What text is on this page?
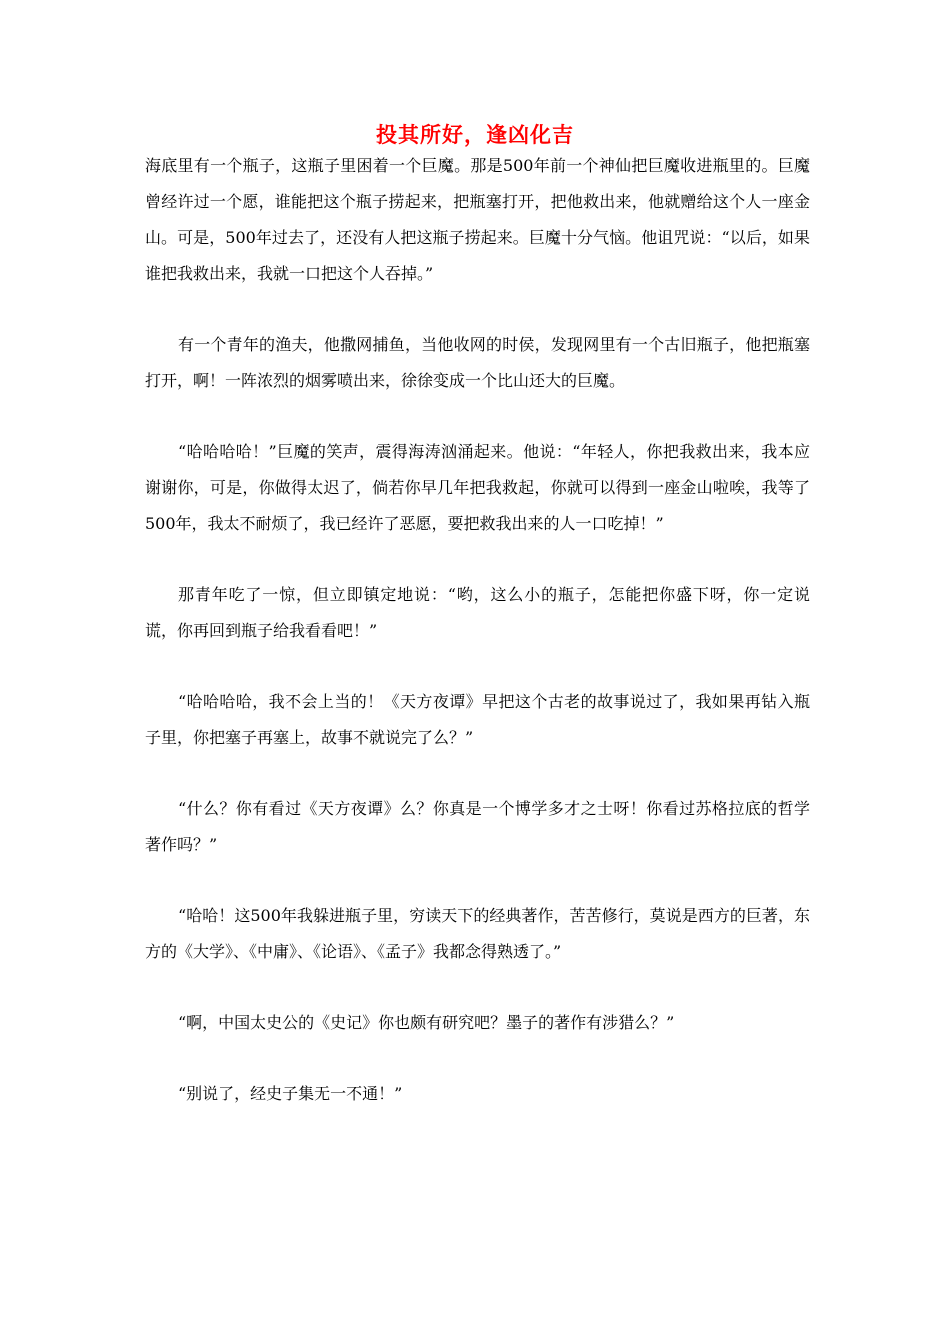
投其所好，逢凶化吉

海底里有一个瓶子，这瓶子里困着一个巨魔。那是500年前一个神仙把巨魔收进瓶里的。巨魔曾经许过一个愿，谁能把这个瓶子捞起来，把瓶塞打开，把他救出来，他就赠给这个人一座金山。可是，500年过去了，还没有人把这瓶子捞起来。巨魔十分气恼。他诅咒说：“以后，如果谁把我救出来，我就一口把这个人吞掉。”

有一个青年的渔夫，他撒网捕鱼，当他收网的时侯，发现网里有一个古旧瓶子，他把瓶塞打开，啊！一阵浓烈的烟雾喷出来，徐徐变成一个比山还大的巨魔。

“哈哈哈哈！”巨魔的笑声，震得海涛汹涌起来。他说：“年轻人，你把我救出来，我本应谢谢你，可是，你做得太迟了，倘若你早几年把我救起，你就可以得到一座金山啦唉，我等了500年，我太不耐烦了，我已经许了恶愿，要把救我出来的人一口吃掉！”

那青年吃了一惊，但立即镇定地说：“哟，这么小的瓶子，怎能把你盛下呀，你一定说谎，你再回到瓶子给我看看吧！”

“哈哈哈哈，我不会上当的！《天方夜谭》早把这个古老的故事说过了，我如果再钻入瓶子里，你把塞子再塞上，故事不就说完了么？”

“什么？你有看过《天方夜谭》么？你真是一个博学多才之士呀！你看过苏格拉底的哲学著作吗？”

“哈哈！这500年我躲进瓶子里，穷读天下的经典著作，苦苦修行，莫说是西方的巨著，东方的《大学》、《中庸》、《论语》、《孟子》我都念得熟透了。”

“啊，中国太史公的《史记》你也颇有研究吧？墨子的著作有涉猎么？”

“别说了，经史子集无一不通！”
